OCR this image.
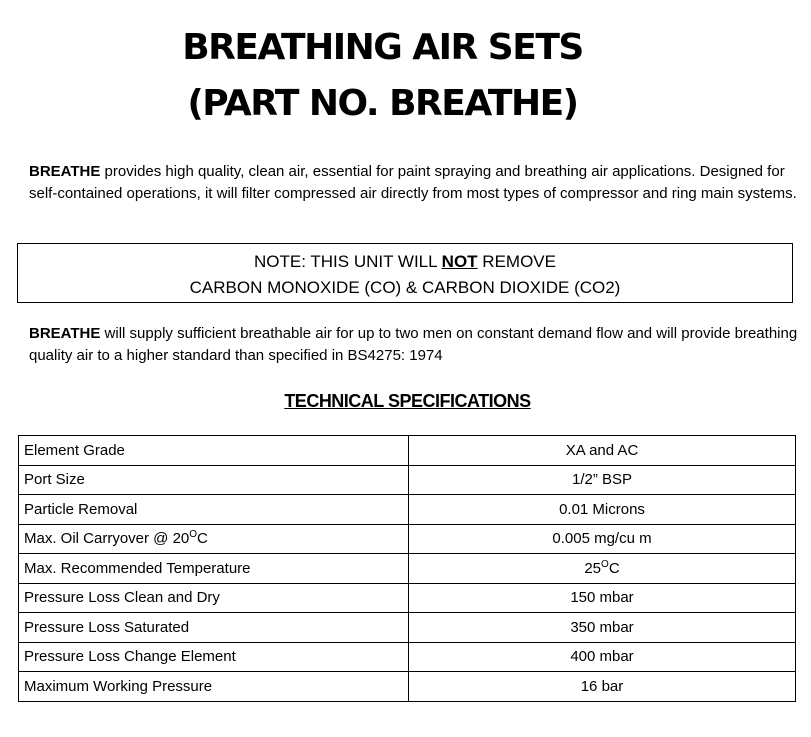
BREATHING AIR SETS
(PART NO. BREATHE)

BREATHE provides high quality, clean air, essential for paint spraying and breathing air applications. Designed for self-contained operations, it will filter compressed air directly from most types of compressor and ring main systems.

NOTE: THIS UNIT WILL NOT REMOVE
CARBON MONOXIDE (CO) & CARBON DIOXIDE (CO2)

BREATHE will supply sufficient breathable air for up to two men on constant demand flow and will provide breathing quality air to a higher standard than specified in BS4275: 1974

TECHNICAL SPECIFICATIONS
Element Grade	XA and AC
Port Size	1/2” BSP
Particle Removal	0.01 Microns
Max. Oil Carryover @ $20^OC$	0.005 mg/cu m
Max. Recommended Temperature	$25^OC$
Pressure Loss Clean and Dry	150 mbar
Pressure Loss Saturated	350 mbar
Pressure Loss Change Element	400 mbar
Maximum Working Pressure	16 bar
